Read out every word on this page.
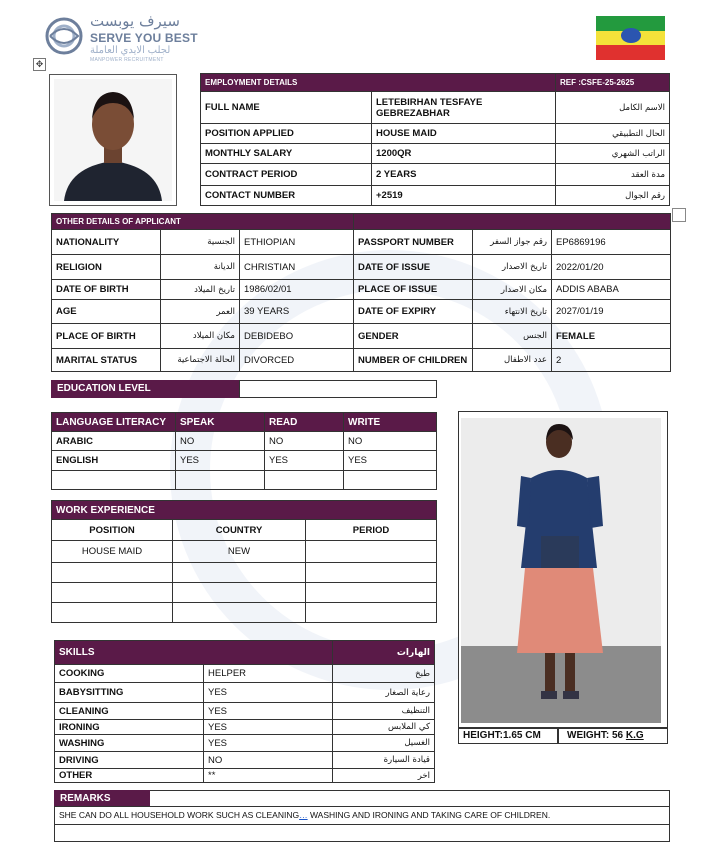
سيرف يوبست
SERVE YOU BEST
لجلب الايدي العاملة
MANPOWER RECRUITMENT
✥
EMPLOYMENT DETAILS		REF :CSFE-25-2625
FULL NAME	LETEBIRHAN TESFAYE GEBREZABHAR	الاسم الكامل
POSITION APPLIED	HOUSE MAID	الحال التطبيقي
MONTHLY SALARY	1200QR	الراتب الشهري
CONTRACT PERIOD	2 YEARS	مدة العقد
CONTACT NUMBER	+2519	رقم الجوال
OTHER DETAILS OF APPLICANT					
NATIONALITY	الجنسية	ETHIOPIAN	PASSPORT NUMBER	رقم جواز السفر	EP6869196
RELIGION	الديانة	CHRISTIAN	DATE OF ISSUE	تاريخ الاصدار	2022/01/20
DATE OF BIRTH	تاريخ الميلاد	1986/02/01	PLACE OF ISSUE	مكان الاصدار	ADDIS ABABA
AGE	العمر	39 YEARS	DATE OF EXPIRY	تاريخ الانتهاء	2027/01/19
PLACE OF BIRTH	مكان الميلاد	DEBIDEBO	GENDER	الجنس	FEMALE
MARITAL STATUS	الحالة الاجتماعية	DIVORCED	NUMBER OF CHILDREN	عدد الاطفال	2
EDUCATION LEVEL
LANGUAGE LITERACY	SPEAK	READ	WRITE
ARABIC	NO	NO	NO
ENGLISH	YES	YES	YES

WORK EXPERIENCE		
POSITION	COUNTRY	PERIOD
HOUSE MAID	NEW	

SKILLS		الهارات
COOKING	HELPER	طبخ
BABYSITTING	YES	رعاية الصغار
CLEANING	YES	التنظيف
IRONING	YES	كي الملابس
WASHING	YES	الغسيل
DRIVING	NO	قيادة السيارة
OTHER	**	اخر
HEIGHT:1.65 CM	WEIGHT: 56 K.G
REMARKS
SHE CAN DO ALL HOUSEHOLD WORK SUCH AS CLEANING… WASHING AND IRONING AND TAKING CARE OF CHILDREN.
